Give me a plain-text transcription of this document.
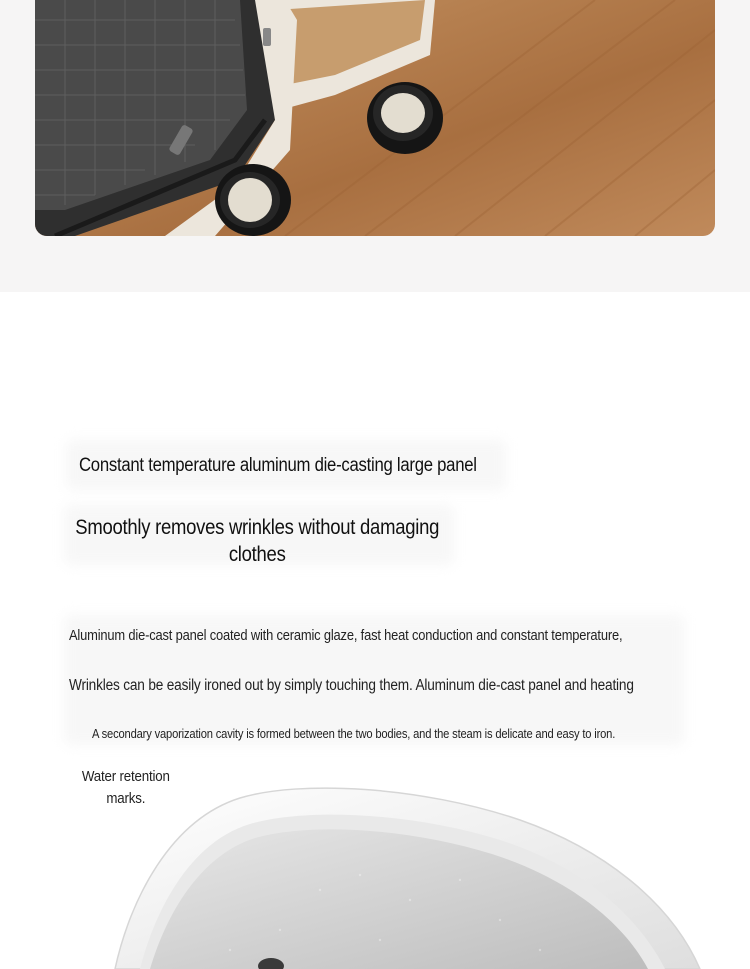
Constant temperature aluminum die-casting large panel
Smoothly removes wrinkles without damaging clothes

Aluminum die-cast panel coated with ceramic glaze, fast heat conduction and constant temperature,

Wrinkles can be easily ironed out by simply touching them. Aluminum die-cast panel and heating

A secondary vaporization cavity is formed between the two bodies, and the steam is delicate and easy to iron.

Water retention marks.
